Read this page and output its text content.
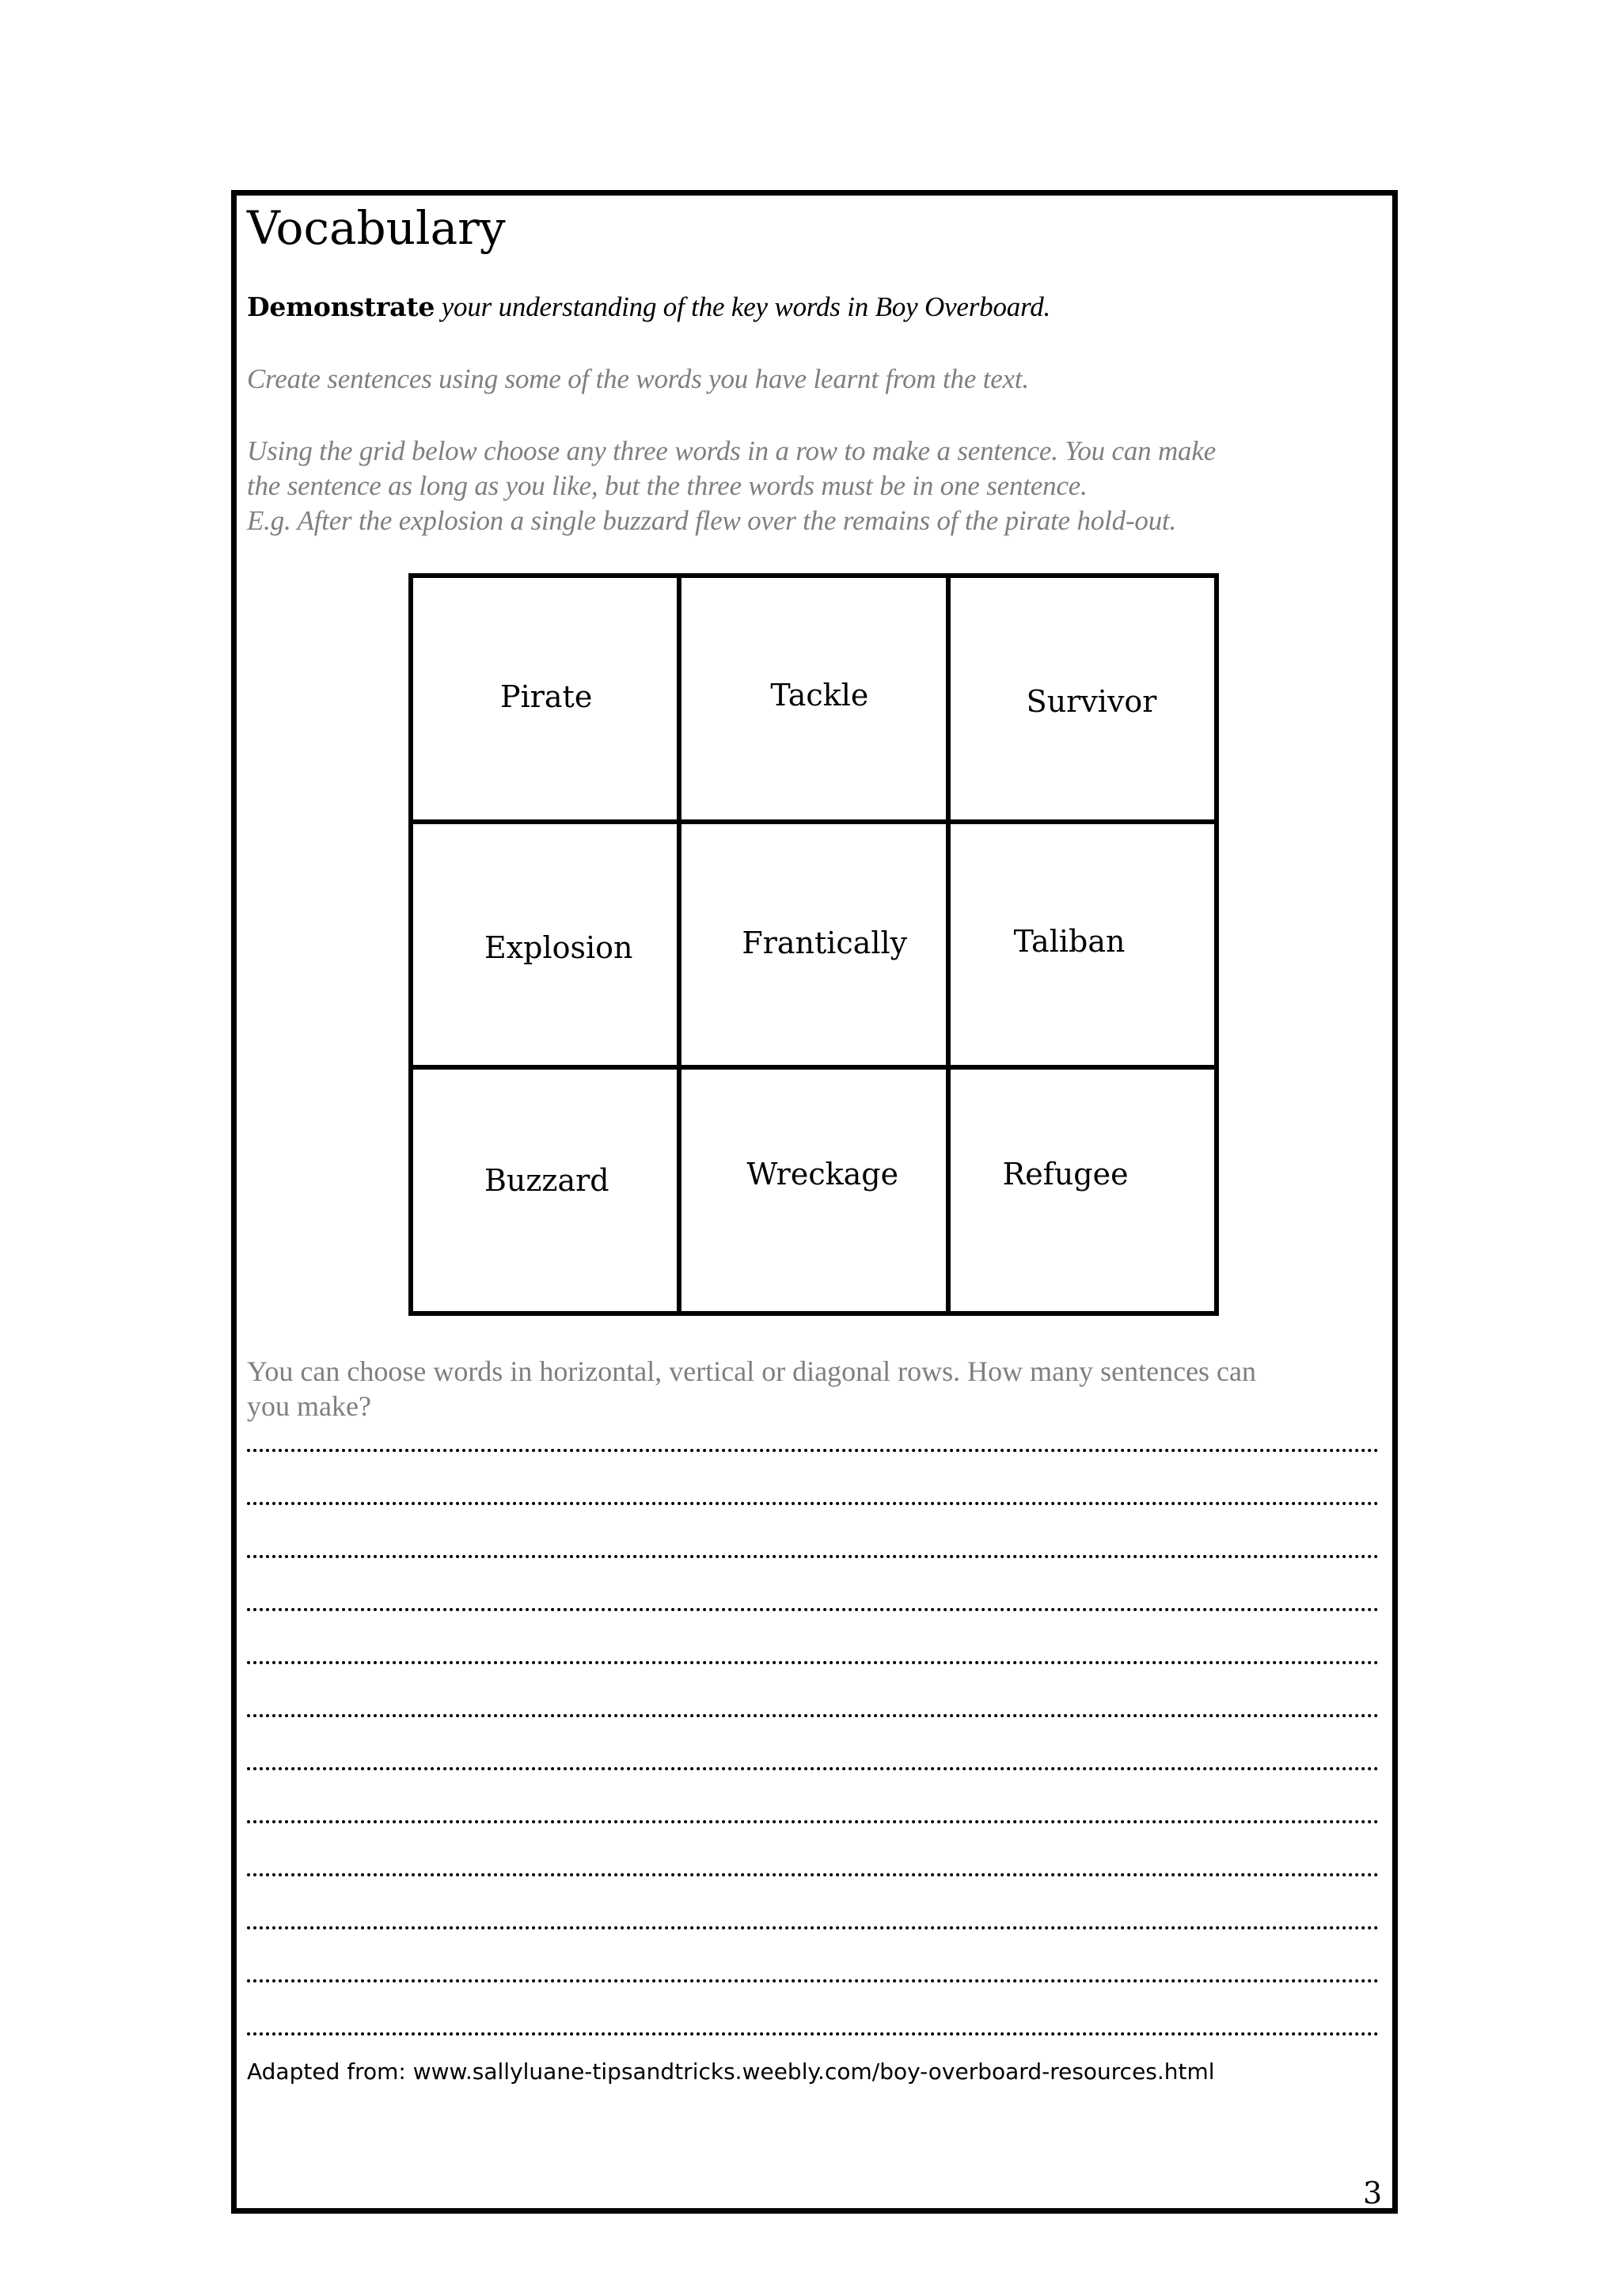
Vocabulary
Demonstrate your understanding of the key words in Boy Overboard.
Create sentences using some of the words you have learnt from the text.
Using the grid below choose any three words in a row to make a sentence. You can make
the sentence as long as you like, but the three words must be in one sentence.
E.g. After the explosion a single buzzard flew over the remains of the pirate hold-out.
Pirate	Tackle	Survivor
Explosion	Frantically	Taliban
Buzzard	Wreckage	Refugee
You can choose words in horizontal, vertical or diagonal rows. How many sentences can
you make?
Adapted from: www.sallyluane-tipsandtricks.weebly.com/boy-overboard-resources.html
3
